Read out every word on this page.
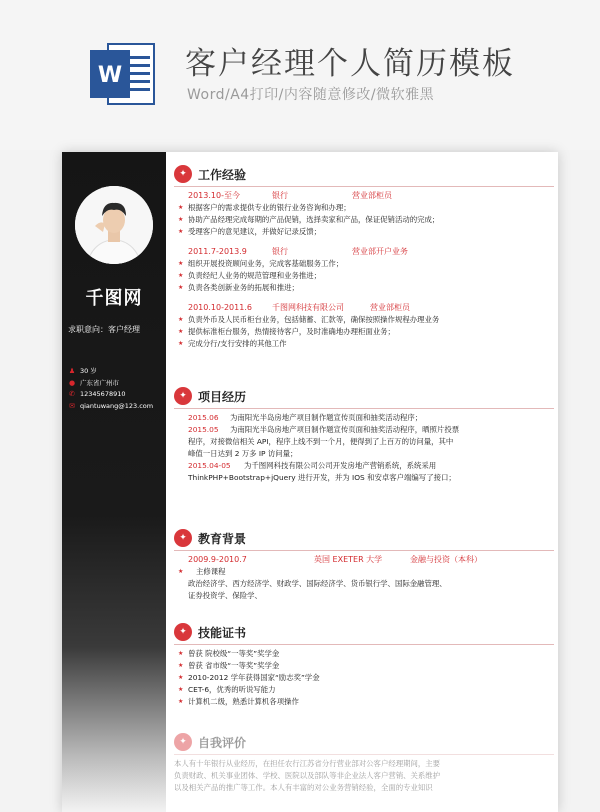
W 客户经理个人简历模板
Word/A4打印/内容随意修改/微软雅黑
千图网
求职意向：客户经理
♟ 30 岁
● 广东省广州市
✆ 12345678910
✉ qiantuwang@123.com
✦ 工作经验
2013.10-至今	银行	营业部柜员
★ 根据客户的需求提供专业的银行业务咨询和办理；
★ 协助产品经理完成每期的产品促销，选择卖家和产品，保证促销活动的完成；
★ 受理客户的意见建议，并做好记录反馈；
2011.7-2013.9	银行	营业部开户业务
★ 组织开展投资顾问业务，完成客基础服务工作；
★ 负责经纪人业务的规范管理和业务推进；
★ 负责各类创新业务的拓展和推进；
2010.10-2011.6	千图网科技有限公司	营业部柜员
★ 负责外币及人民币柜台业务，包括储蓄、汇款等，确保按照操作规程办理业务
★ 提供标准柜台服务，热情接待客户，及时准确地办理柜面业务；
★ 完成分行/支行安排的其他工作
✦ 项目经历
2015.06 为南阳光半岛房地产项目制作题宣传页面和抽奖活动程序；
2015.05 为南阳光半岛房地产项目制作题宣传页面和抽奖活动程序，晒照片投票
程序，对接微信相关 API，程序上线不到一个月，便得到了上百万的访问量，其中
峰值一日达到 2 万多 IP 访问量；
2015.04-05 为千图网科技有限公司公司开发房地产营销系统，系统采用
ThinkPHP+Bootstrap+jQuery 进行开发，并为 IOS 和安卓客户端编写了接口；
✦ 教育背景
2009.9-2010.7	英国 EXETER 大学	金融与投资（本科）
★ 主修课程
政治经济学、西方经济学、财政学、国际经济学、货币银行学、国际金融管理、
证券投资学、保险学、
✦ 技能证书
★ 曾获 院校级“一等奖”奖学金
★ 曾获 省市级“一等奖”奖学金
★ 2010-2012 学年获得国家“励志奖”学金
★ CET-6，优秀的听说写能力
★ 计算机二级，熟悉计算机各项操作
✦ 自我评价
本人有十年银行从业经历，在担任农行江苏省分行营业部对公客户经理期间，主要
负责财政、机关事业团体、学校、医院以及部队等非企业法人客户营销、关系维护
以及相关产品的推广等工作。本人有丰富的对公业务营销经验，全面的专业知识
